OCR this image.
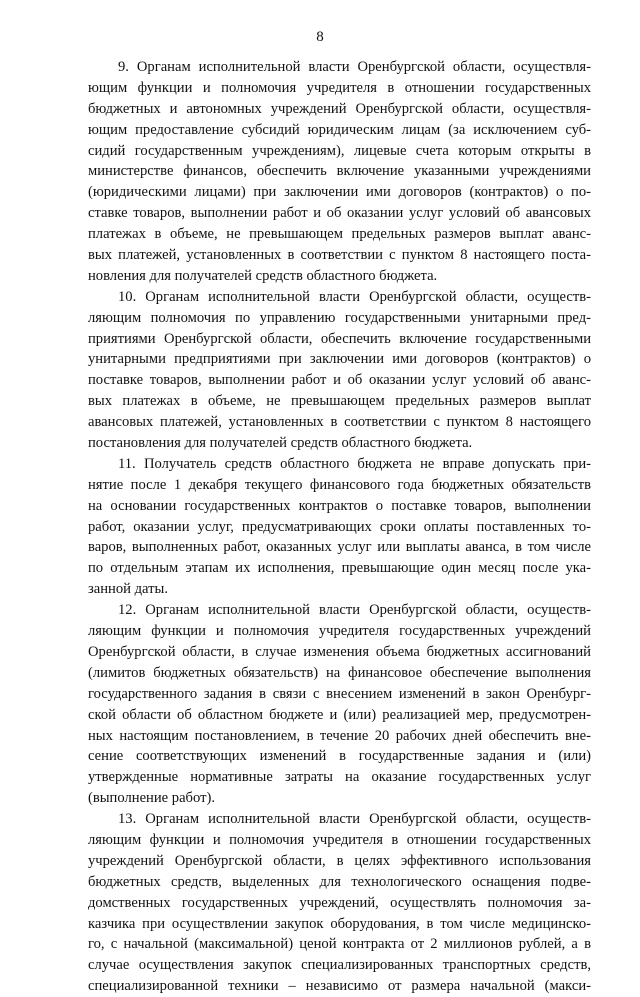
8
9. Органам исполнительной власти Оренбургской области, осуществля-
ющим функции и полномочия учредителя в отношении государственных
бюджетных и автономных учреждений Оренбургской области, осуществля-
ющим предоставление субсидий юридическим лицам (за исключением суб-
сидий государственным учреждениям), лицевые счета которым открыты в
министерстве финансов, обеспечить включение указанными учреждениями
(юридическими лицами) при заключении ими договоров (контрактов) о по-
ставке товаров, выполнении работ и об оказании услуг условий об авансовых
платежах в объеме, не превышающем предельных размеров выплат аванс-
вых платежей, установленных в соответствии с пунктом 8 настоящего поста-
новления для получателей средств областного бюджета.
10. Органам исполнительной власти Оренбургской области, осуществ-
ляющим полномочия по управлению государственными унитарными пред-
приятиями Оренбургской области, обеспечить включение государственными
унитарными предприятиями при заключении ими договоров (контрактов) о
поставке товаров, выполнении работ и об оказании услуг условий об аванс-
вых платежах в объеме, не превышающем предельных размеров выплат
авансовых платежей, установленных в соответствии с пунктом 8 настоящего
постановления для получателей средств областного бюджета.
11. Получатель средств областного бюджета не вправе допускать при-
нятие после 1 декабря текущего финансового года бюджетных обязательств
на основании государственных контрактов о поставке товаров, выполнении
работ, оказании услуг, предусматривающих сроки оплаты поставленных то-
варов, выполненных работ, оказанных услуг или выплаты аванса, в том числе
по отдельным этапам их исполнения, превышающие один месяц после ука-
занной даты.
12. Органам исполнительной власти Оренбургской области, осуществ-
ляющим функции и полномочия учредителя государственных учреждений
Оренбургской области, в случае изменения объема бюджетных ассигнований
(лимитов бюджетных обязательств) на финансовое обеспечение выполнения
государственного задания в связи с внесением изменений в закон Оренбург-
ской области об областном бюджете и (или) реализацией мер, предусмотрен-
ных настоящим постановлением, в течение 20 рабочих дней обеспечить вне-
сение соответствующих изменений в государственные задания и (или)
утвержденные нормативные затраты на оказание государственных услуг
(выполнение работ).
13. Органам исполнительной власти Оренбургской области, осуществ-
ляющим функции и полномочия учредителя в отношении государственных
учреждений Оренбургской области, в целях эффективного использования
бюджетных средств, выделенных для технологического оснащения подве-
домственных государственных учреждений, осуществлять полномочия за-
казчика при осуществлении закупок оборудования, в том числе медицинско-
го, с начальной (максимальной) ценой контракта от 2 миллионов рублей, а в
случае осуществления закупок специализированных транспортных средств,
специализированной техники – независимо от размера начальной (макси-
